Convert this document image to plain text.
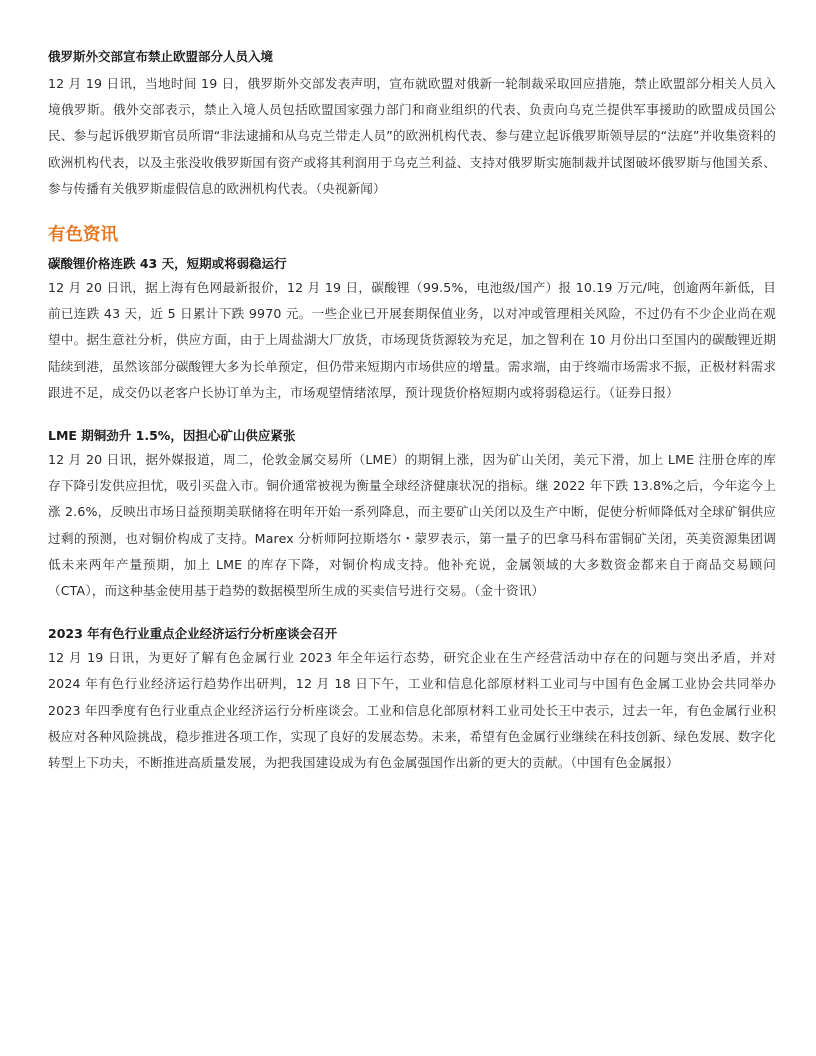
俄罗斯外交部宣布禁止欧盟部分人员入境

12 月 19 日讯，当地时间 19 日，俄罗斯外交部发表声明，宣布就欧盟对俄新一轮制裁采取回应措施，禁止欧盟部分相关人员入境俄罗斯。俄外交部表示，禁止入境人员包括欧盟国家强力部门和商业组织的代表、负责向乌克兰提供军事援助的欧盟成员国公民、参与起诉俄罗斯官员所谓“非法逮捕和从乌克兰带走人员”的欧洲机构代表、参与建立起诉俄罗斯领导层的“法庭”并收集资料的欧洲机构代表，以及主张没收俄罗斯国有资产或将其利润用于乌克兰利益、支持对俄罗斯实施制裁并试图破坏俄罗斯与他国关系、参与传播有关俄罗斯虚假信息的欧洲机构代表。（央视新闻）

有色资讯
碳酸锂价格连跌 43 天，短期或将弱稳运行

12 月 20 日讯，据上海有色网最新报价，12 月 19 日，碳酸锂（99.5%，电池级/国产）报 10.19 万元/吨，创逾两年新低，目前已连跌 43 天，近 5 日累计下跌 9970 元。一些企业已开展套期保值业务，以对冲或管理相关风险，不过仍有不少企业尚在观望中。据生意社分析，供应方面，由于上周盐湖大厂放货，市场现货货源较为充足，加之智利在 10 月份出口至国内的碳酸锂近期陆续到港，虽然该部分碳酸锂大多为长单预定，但仍带来短期内市场供应的增量。需求端，由于终端市场需求不振，正极材料需求跟进不足，成交仍以老客户长协订单为主，市场观望情绪浓厚，预计现货价格短期内或将弱稳运行。（证券日报）

LME 期铜劲升 1.5%，因担心矿山供应紧张

12 月 20 日讯，据外媒报道，周二，伦敦金属交易所（LME）的期铜上涨，因为矿山关闭，美元下滑，加上 LME 注册仓库的库存下降引发供应担忧，吸引买盘入市。铜价通常被视为衡量全球经济健康状况的指标。继 2022 年下跌 13.8%之后，今年迄今上涨 2.6%，反映出市场日益预期美联储将在明年开始一系列降息，而主要矿山关闭以及生产中断，促使分析师降低对全球矿铜供应过剩的预测，也对铜价构成了支持。Marex 分析师阿拉斯塔尔・蒙罗表示，第一量子的巴拿马科布雷铜矿关闭，英美资源集团调低未来两年产量预期，加上 LME 的库存下降，对铜价构成支持。他补充说，金属领域的大多数资金都来自于商品交易顾问（CTA），而这种基金使用基于趋势的数据模型所生成的买卖信号进行交易。（金十资讯）

2023 年有色行业重点企业经济运行分析座谈会召开

12 月 19 日讯，为更好了解有色金属行业 2023 年全年运行态势，研究企业在生产经营活动中存在的问题与突出矛盾，并对 2024 年有色行业经济运行趋势作出研判，12 月 18 日下午，工业和信息化部原材料工业司与中国有色金属工业协会共同举办 2023 年四季度有色行业重点企业经济运行分析座谈会。工业和信息化部原材料工业司处长王中表示，过去一年，有色金属行业积极应对各种风险挑战，稳步推进各项工作，实现了良好的发展态势。未来，希望有色金属行业继续在科技创新、绿色发展、数字化转型上下功夫，不断推进高质量发展，为把我国建设成为有色金属强国作出新的更大的贡献。（中国有色金属报）
